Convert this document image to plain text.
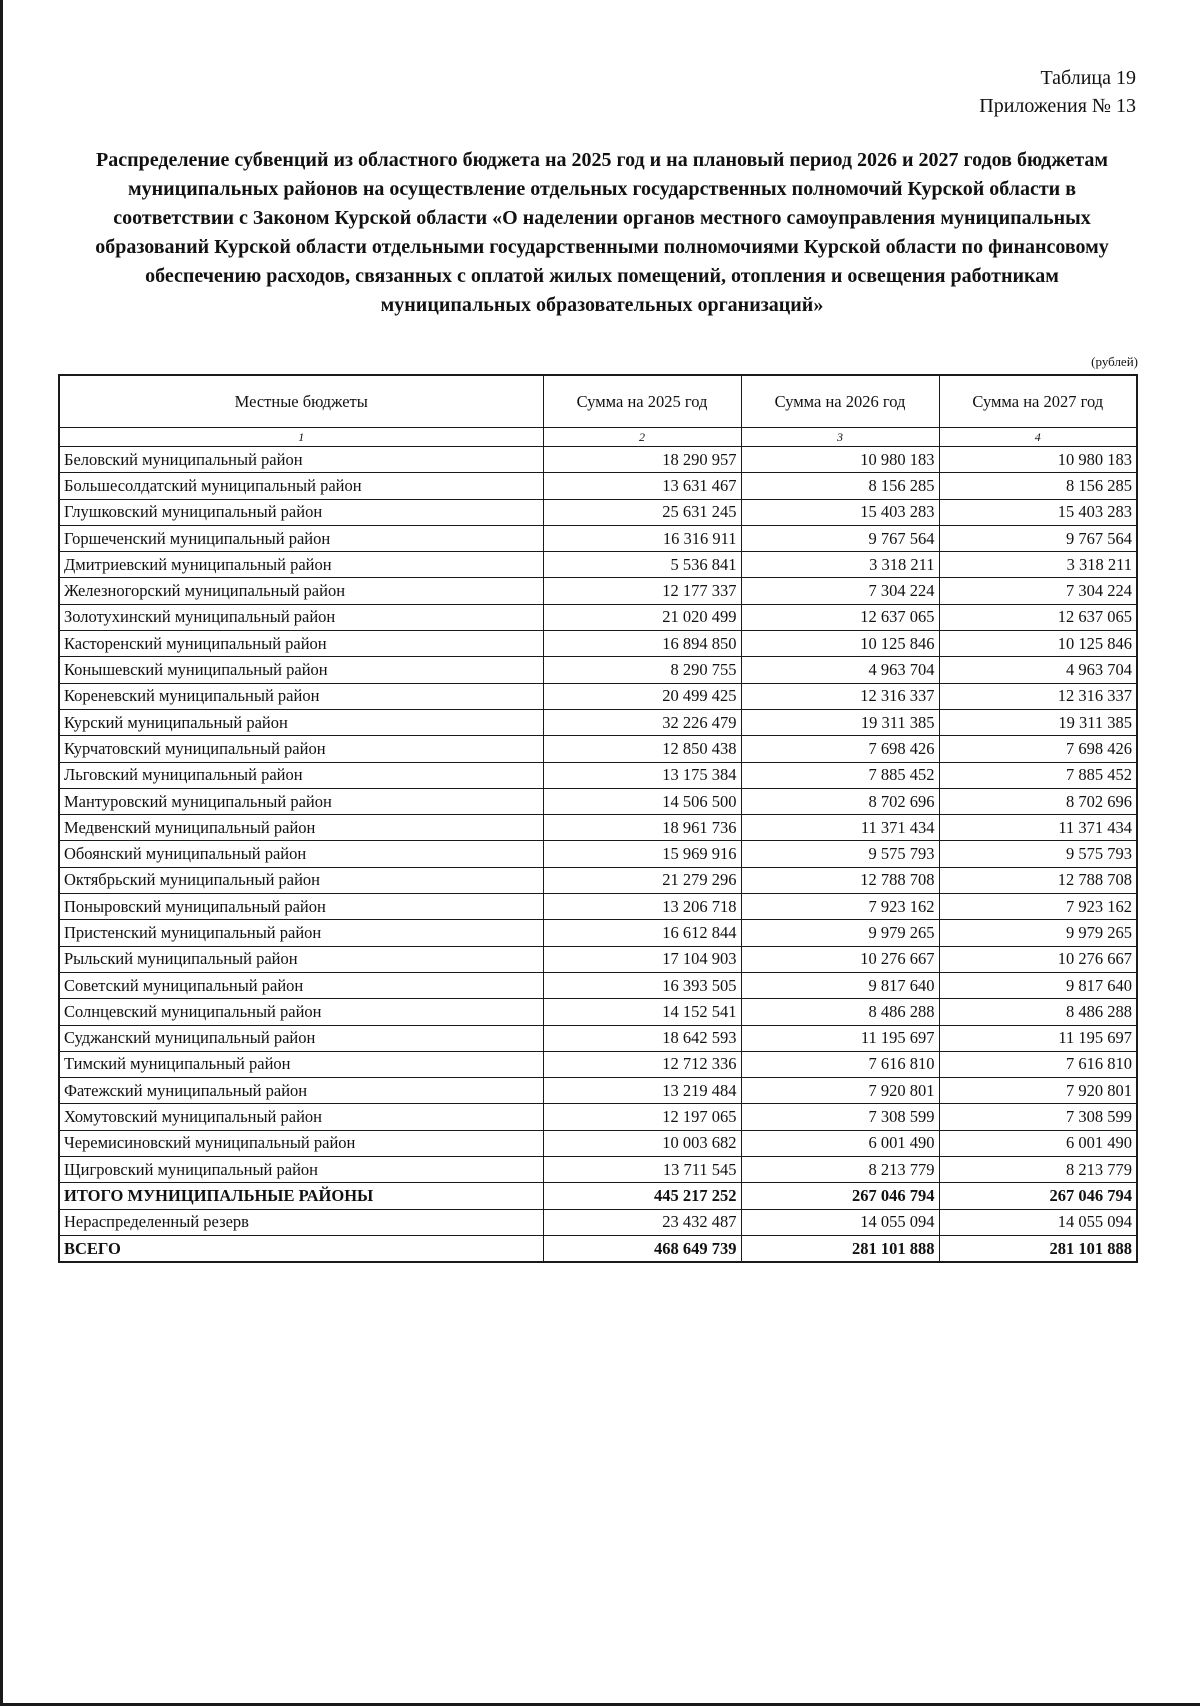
Таблица 19
Приложения № 13
Распределение субвенций из областного бюджета на 2025 год и на плановый период 2026 и 2027 годов бюджетам муниципальных районов на осуществление отдельных государственных полномочий Курской области в соответствии с Законом Курской области «О наделении органов местного самоуправления муниципальных образований Курской области отдельными государственными полномочиями Курской области по финансовому обеспечению расходов, связанных с оплатой жилых помещений, отопления и освещения работникам муниципальных образовательных организаций»
(рублей)
Местные бюджеты	Сумма на 2025 год	Сумма на 2026 год	Сумма на 2027 год
1	2	3	4
Беловский муниципальный район	18 290 957	10 980 183	10 980 183
Большесолдатский муниципальный район	13 631 467	8 156 285	8 156 285
Глушковский муниципальный район	25 631 245	15 403 283	15 403 283
Горшеченский муниципальный район	16 316 911	9 767 564	9 767 564
Дмитриевский муниципальный район	5 536 841	3 318 211	3 318 211
Железногорский муниципальный район	12 177 337	7 304 224	7 304 224
Золотухинский муниципальный район	21 020 499	12 637 065	12 637 065
Касторенский муниципальный район	16 894 850	10 125 846	10 125 846
Конышевский муниципальный район	8 290 755	4 963 704	4 963 704
Кореневский муниципальный район	20 499 425	12 316 337	12 316 337
Курский муниципальный район	32 226 479	19 311 385	19 311 385
Курчатовский муниципальный район	12 850 438	7 698 426	7 698 426
Льговский муниципальный район	13 175 384	7 885 452	7 885 452
Мантуровский муниципальный район	14 506 500	8 702 696	8 702 696
Медвенский муниципальный район	18 961 736	11 371 434	11 371 434
Обоянский муниципальный район	15 969 916	9 575 793	9 575 793
Октябрьский муниципальный район	21 279 296	12 788 708	12 788 708
Поныровский муниципальный район	13 206 718	7 923 162	7 923 162
Пристенский муниципальный район	16 612 844	9 979 265	9 979 265
Рыльский муниципальный район	17 104 903	10 276 667	10 276 667
Советский муниципальный район	16 393 505	9 817 640	9 817 640
Солнцевский муниципальный район	14 152 541	8 486 288	8 486 288
Суджанский муниципальный район	18 642 593	11 195 697	11 195 697
Тимский муниципальный район	12 712 336	7 616 810	7 616 810
Фатежский муниципальный район	13 219 484	7 920 801	7 920 801
Хомутовский муниципальный район	12 197 065	7 308 599	7 308 599
Черемисиновский муниципальный район	10 003 682	6 001 490	6 001 490
Щигровский муниципальный район	13 711 545	8 213 779	8 213 779
ИТОГО МУНИЦИПАЛЬНЫЕ РАЙОНЫ	445 217 252	267 046 794	267 046 794
Нераспределенный резерв	23 432 487	14 055 094	14 055 094
ВСЕГО	468 649 739	281 101 888	281 101 888
